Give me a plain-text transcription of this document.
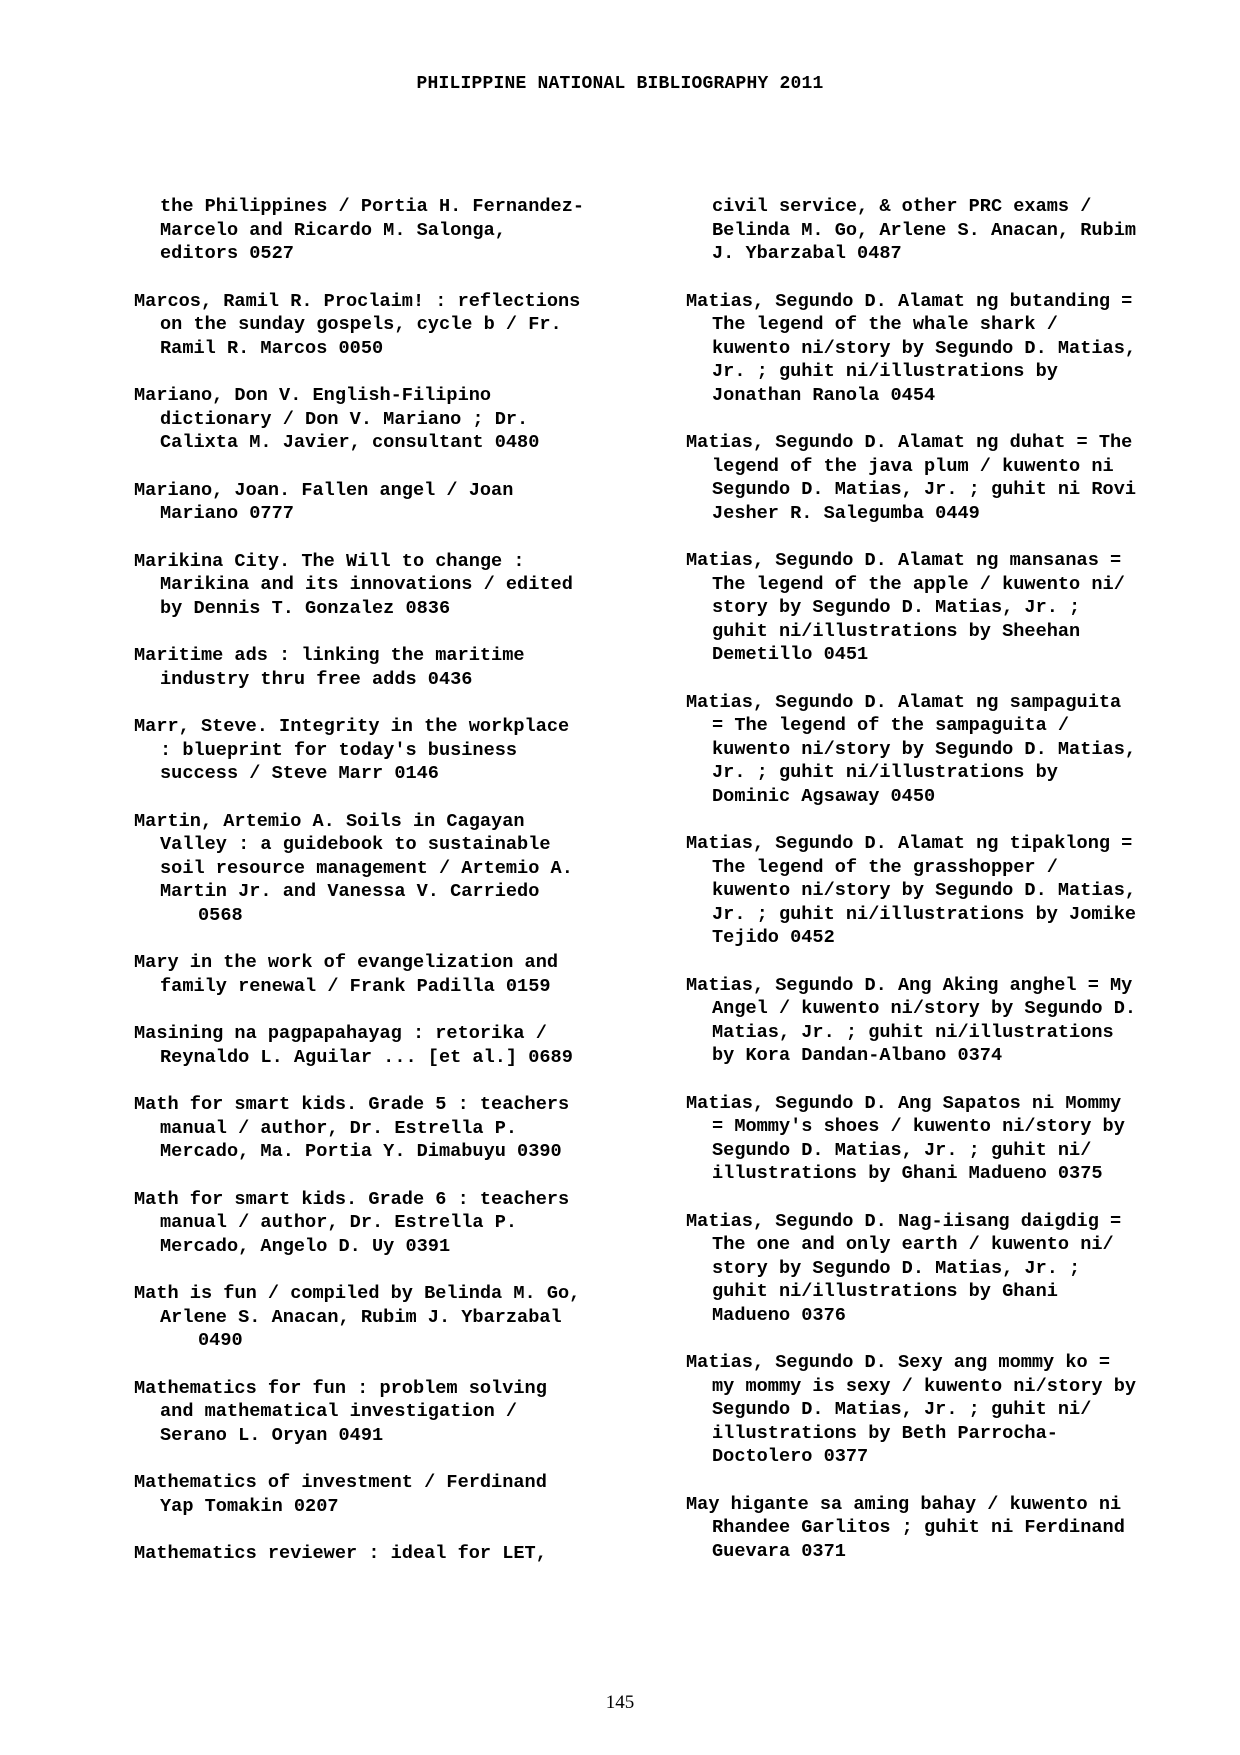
PHILIPPINE NATIONAL BIBLIOGRAPHY 2011
the Philippines / Portia H. Fernandez-
Marcelo and Ricardo M. Salonga,
editors 0527
Marcos, Ramil R. Proclaim! : reflections
on the sunday gospels, cycle b / Fr.
Ramil R. Marcos 0050
Mariano, Don V. English-Filipino
dictionary / Don V. Mariano ; Dr.
Calixta M. Javier, consultant 0480
Mariano, Joan. Fallen angel / Joan
Mariano 0777
Marikina City. The Will to change :
Marikina and its innovations / edited
by Dennis T. Gonzalez 0836
Maritime ads : linking the maritime
industry thru free adds 0436
Marr, Steve. Integrity in the workplace
: blueprint for today's business
success / Steve Marr 0146
Martin, Artemio A. Soils in Cagayan
Valley : a guidebook to sustainable
soil resource management / Artemio A.
Martin Jr. and Vanessa V. Carriedo
0568
Mary in the work of evangelization and
family renewal / Frank Padilla 0159
Masining na pagpapahayag : retorika /
Reynaldo L. Aguilar ... [et al.] 0689
Math for smart kids. Grade 5 : teachers
manual / author, Dr. Estrella P.
Mercado, Ma. Portia Y. Dimabuyu 0390
Math for smart kids. Grade 6 : teachers
manual / author, Dr. Estrella P.
Mercado, Angelo D. Uy 0391
Math is fun / compiled by Belinda M. Go,
Arlene S. Anacan, Rubim J. Ybarzabal
0490
Mathematics for fun : problem solving
and mathematical investigation /
Serano L. Oryan 0491
Mathematics of investment / Ferdinand
Yap Tomakin 0207
Mathematics reviewer : ideal for LET,
civil service, & other PRC exams /
Belinda M. Go, Arlene S. Anacan, Rubim
J. Ybarzabal 0487
Matias, Segundo D. Alamat ng butanding =
The legend of the whale shark /
kuwento ni/story by Segundo D. Matias,
Jr. ; guhit ni/illustrations by
Jonathan Ranola 0454
Matias, Segundo D. Alamat ng duhat = The
legend of the java plum / kuwento ni
Segundo D. Matias, Jr. ; guhit ni Rovi
Jesher R. Salegumba 0449
Matias, Segundo D. Alamat ng mansanas =
The legend of the apple / kuwento ni/
story by Segundo D. Matias, Jr. ;
guhit ni/illustrations by Sheehan
Demetillo 0451
Matias, Segundo D. Alamat ng sampaguita
= The legend of the sampaguita /
kuwento ni/story by Segundo D. Matias,
Jr. ; guhit ni/illustrations by
Dominic Agsaway 0450
Matias, Segundo D. Alamat ng tipaklong =
The legend of the grasshopper /
kuwento ni/story by Segundo D. Matias,
Jr. ; guhit ni/illustrations by Jomike
Tejido 0452
Matias, Segundo D. Ang Aking anghel = My
Angel / kuwento ni/story by Segundo D.
Matias, Jr. ; guhit ni/illustrations
by Kora Dandan-Albano 0374
Matias, Segundo D. Ang Sapatos ni Mommy
= Mommy's shoes / kuwento ni/story by
Segundo D. Matias, Jr. ; guhit ni/
illustrations by Ghani Madueno 0375
Matias, Segundo D. Nag-iisang daigdig =
The one and only earth / kuwento ni/
story by Segundo D. Matias, Jr. ;
guhit ni/illustrations by Ghani
Madueno 0376
Matias, Segundo D. Sexy ang mommy ko =
my mommy is sexy / kuwento ni/story by
Segundo D. Matias, Jr. ; guhit ni/
illustrations by Beth Parrocha-
Doctolero 0377
May higante sa aming bahay / kuwento ni
Rhandee Garlitos ; guhit ni Ferdinand
Guevara 0371
145
